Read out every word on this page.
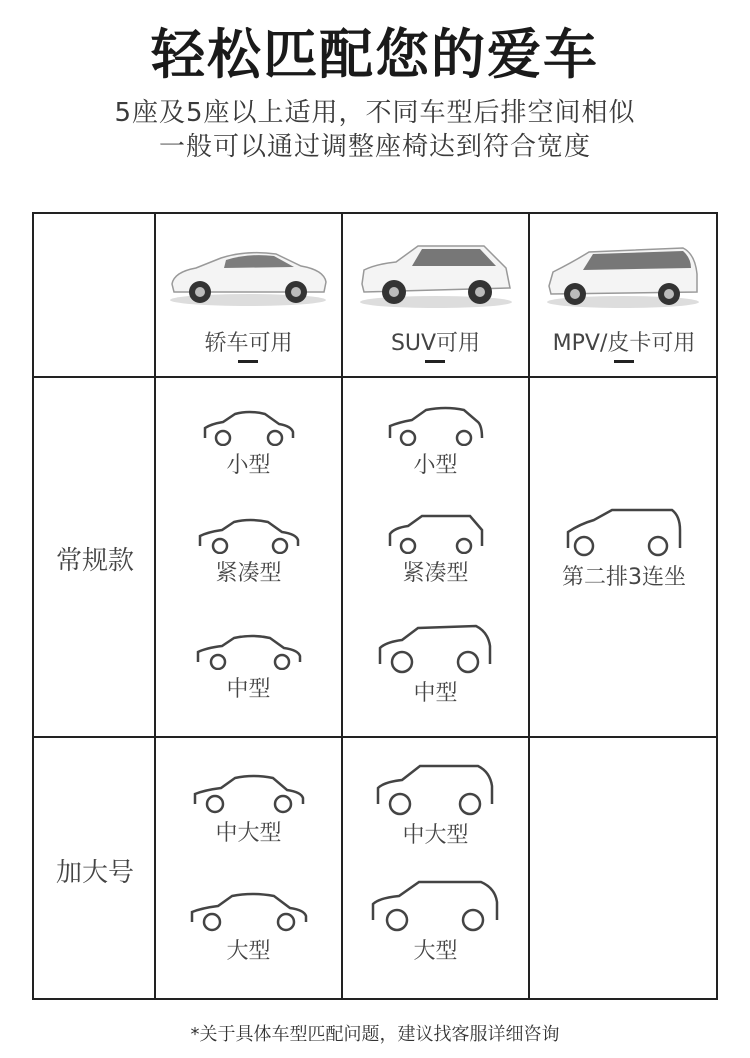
轻松匹配您的爱车
5座及5座以上适用，不同车型后排空间相似
一般可以通过调整座椅达到符合宽度
轿车可用	SUV可用	MPV/皮卡可用
常规款
加大号
小型
紧凑型
中型
小型
紧凑型
中型
第二排3连坐
中大型
大型
中大型
大型
*关于具体车型匹配问题，建议找客服详细咨询
